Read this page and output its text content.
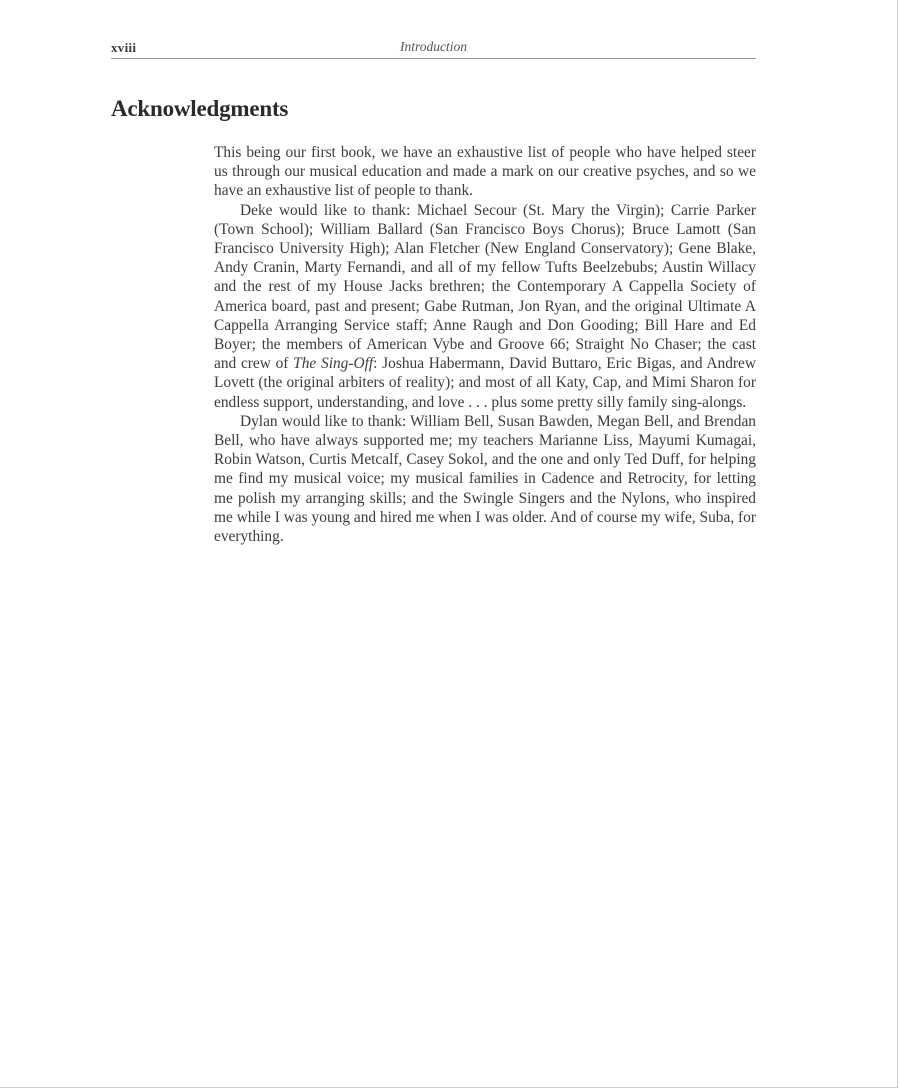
xviii	Introduction
Acknowledgments

This being our first book, we have an exhaustive list of people who have helped steer us through our musical education and made a mark on our creative psyches, and so we have an exhaustive list of people to thank.

Deke would like to thank: Michael Secour (St. Mary the Virgin); Carrie Parker (Town School); William Ballard (San Francisco Boys Chorus); Bruce Lamott (San Francisco University High); Alan Fletcher (New England Conservatory); Gene Blake, Andy Cranin, Marty Fernandi, and all of my fellow Tufts Beelzebubs; Austin Willacy and the rest of my House Jacks brethren; the Contemporary A Cappella Society of America board, past and present; Gabe Rutman, Jon Ryan, and the original Ultimate A Cappella Arranging Service staff; Anne Raugh and Don Gooding; Bill Hare and Ed Boyer; the members of American Vybe and Groove 66; Straight No Chaser; the cast and crew of The Sing-Off: Joshua Habermann, David Buttaro, Eric Bigas, and Andrew Lovett (the original arbiters of reality); and most of all Katy, Cap, and Mimi Sharon for endless support, understanding, and love . . . plus some pretty silly family sing-alongs.

Dylan would like to thank: William Bell, Susan Bawden, Megan Bell, and Brendan Bell, who have always supported me; my teachers Marianne Liss, Mayumi Kumagai, Robin Watson, Curtis Metcalf, Casey Sokol, and the one and only Ted Duff, for helping me find my musical voice; my musical families in Cadence and Retrocity, for letting me polish my arranging skills; and the Swingle Singers and the Nylons, who inspired me while I was young and hired me when I was older. And of course my wife, Suba, for everything.
